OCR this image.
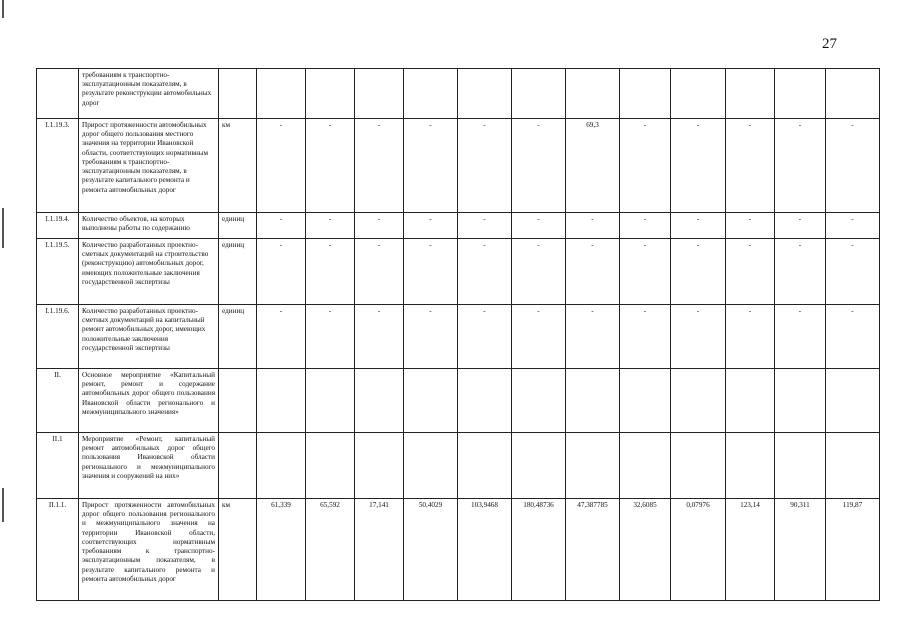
27
	требованиям к транспортно-эксплуатационным показателям, в результате реконструкции автомобильных дорог													
I.1.19.3.	Прирост протяженности автомобильных дорог общего пользования местного значения на территории Ивановской области, соответствующих нормативным требованиям к транспортно-эксплуатационным показателям, в результате капитального ремонта и ремонта автомобильных дорог	км	-	-	-	-	-	-	69,3	-	-	-	-	-
I.1.19.4.	Количество объектов, на которых выполнены работы по содержанию	единиц	-	-	-	-	-	-	-	-	-	-	-	-
I.1.19.5.	Количество разработанных проектно-сметных документаций на строительство (реконструкцию) автомобильных дорог, имеющих положительные заключения государственной экспертизы	единиц	-	-	-	-	-	-	-	-	-	-	-	-
I.1.19.6.	Количество разработанных проектно-сметных документаций на капитальный ремонт автомобильных дорог, имеющих положительные заключения государственной экспертизы	единиц	-	-	-	-	-	-	-	-	-	-	-	-
II.	Основное мероприятие «Капитальный ремонт, ремонт и содержание автомобильных дорог общего пользования Ивановской области регионального и межмуниципального значения»													
II.1	Мероприятие «Ремонт, капитальный ремонт автомобильных дорог общего пользования Ивановской области регионального и межмуниципального значения и сооружений на них»													
II.1.1.	Прирост протяженности автомобильных дорог общего пользования регионального и межмуниципального значения на территории Ивановской области, соответствующих нормативным требованиям к транспортно-эксплуатационным показателям, в результате капитального ремонта и ремонта автомобильных дорог	км	61,339	65,592	17,141	50,4029	103,9468	180,48736	47,387785	32,6085	0,07976	123,14	90,311	119,87
